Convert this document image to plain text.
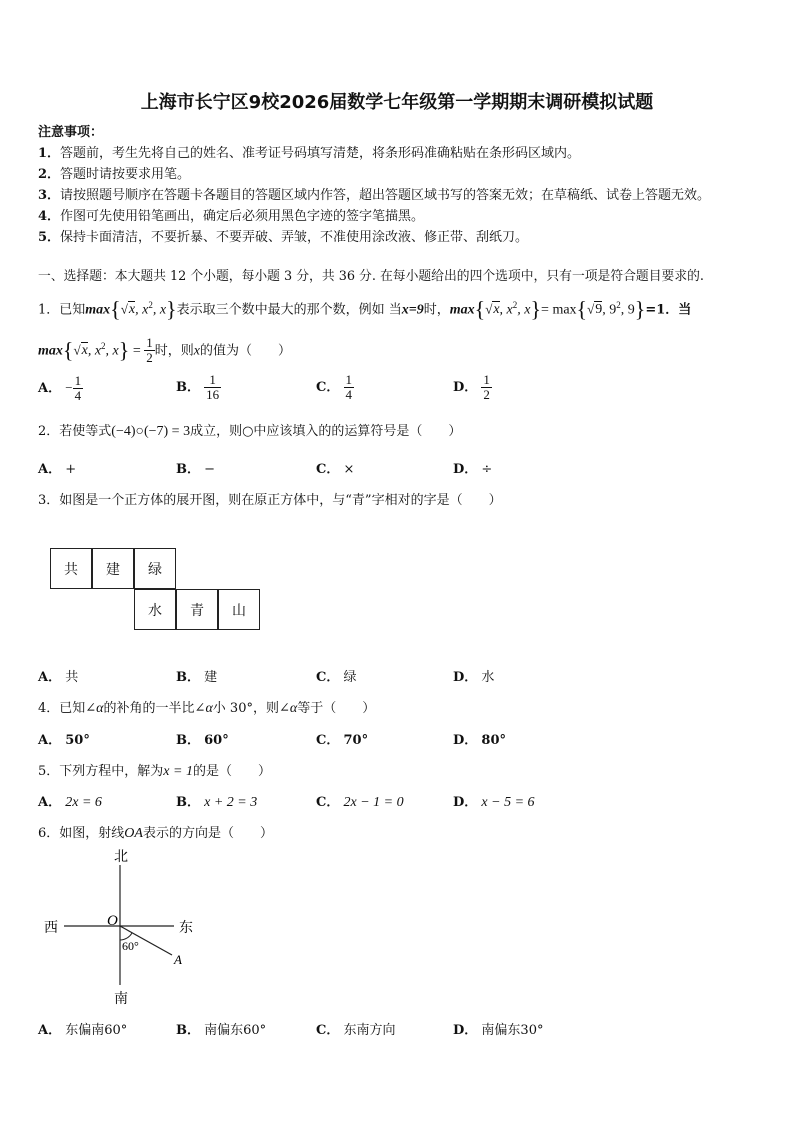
上海市长宁区9校2026届数学七年级第一学期期末调研模拟试题
注意事项：
1．答题前，考生先将自己的姓名、准考证号码填写清楚，将条形码准确粘贴在条形码区域内。
2．答题时请按要求用笔。
3．请按照题号顺序在答题卡各题目的答题区域内作答，超出答题区域书写的答案无效；在草稿纸、试卷上答题无效。
4．作图可先使用铅笔画出，确定后必须用黑色字迹的签字笔描黑。
5．保持卡面清洁，不要折暴、不要弄破、弄皱，不准使用涂改液、修正带、刮纸刀。
一、选择题：本大题共 12 个小题，每小题 3 分，共 36 分. 在每小题给出的四个选项中，只有一项是符合题目要求的.
1．已知max{√x, $x^2$, x}表示取三个数中最大的那个数，例如 当x=9时，max{√x, $x^2$, x}= max{√9, $9^2$, 9}=1．当
max{√x, $x^2$, $x\} = \frac{1}{2}$ 时，则x的值为（　　）
A． − $\frac{1}{4}$	B． $\frac{1}{16}$	C． $\frac{1}{4}$	D． $\frac{1}{2}$
2．若使等式(−4)○(−7) = 3成立，则○中应该填入的的运算符号是（　　）
A． +	B． −	C． ×	D． ÷
3．如图是一个正方体的展开图，则在原正方体中，与“青”字相对的字是（　　）
共	建	绿
水	青	山
A． 共	B． 建	C． 绿	D． 水
4．已知∠α的补角的一半比∠α小 30°，则∠α等于（　　）
A． 50°	B． 60°	C． 70°	D． 80°
5．下列方程中，解为x = 1的是（　　）
A． 2x = 6	B． x + 2 = 3	C． 2x − 1 = 0	D． x − 5 = 6
6．如图，射线OA表示的方向是（　　）
北
南
西	东
O
A
60°
A． 东偏南60°	B． 南偏东60°	C． 东南方向	D． 南偏东30°
